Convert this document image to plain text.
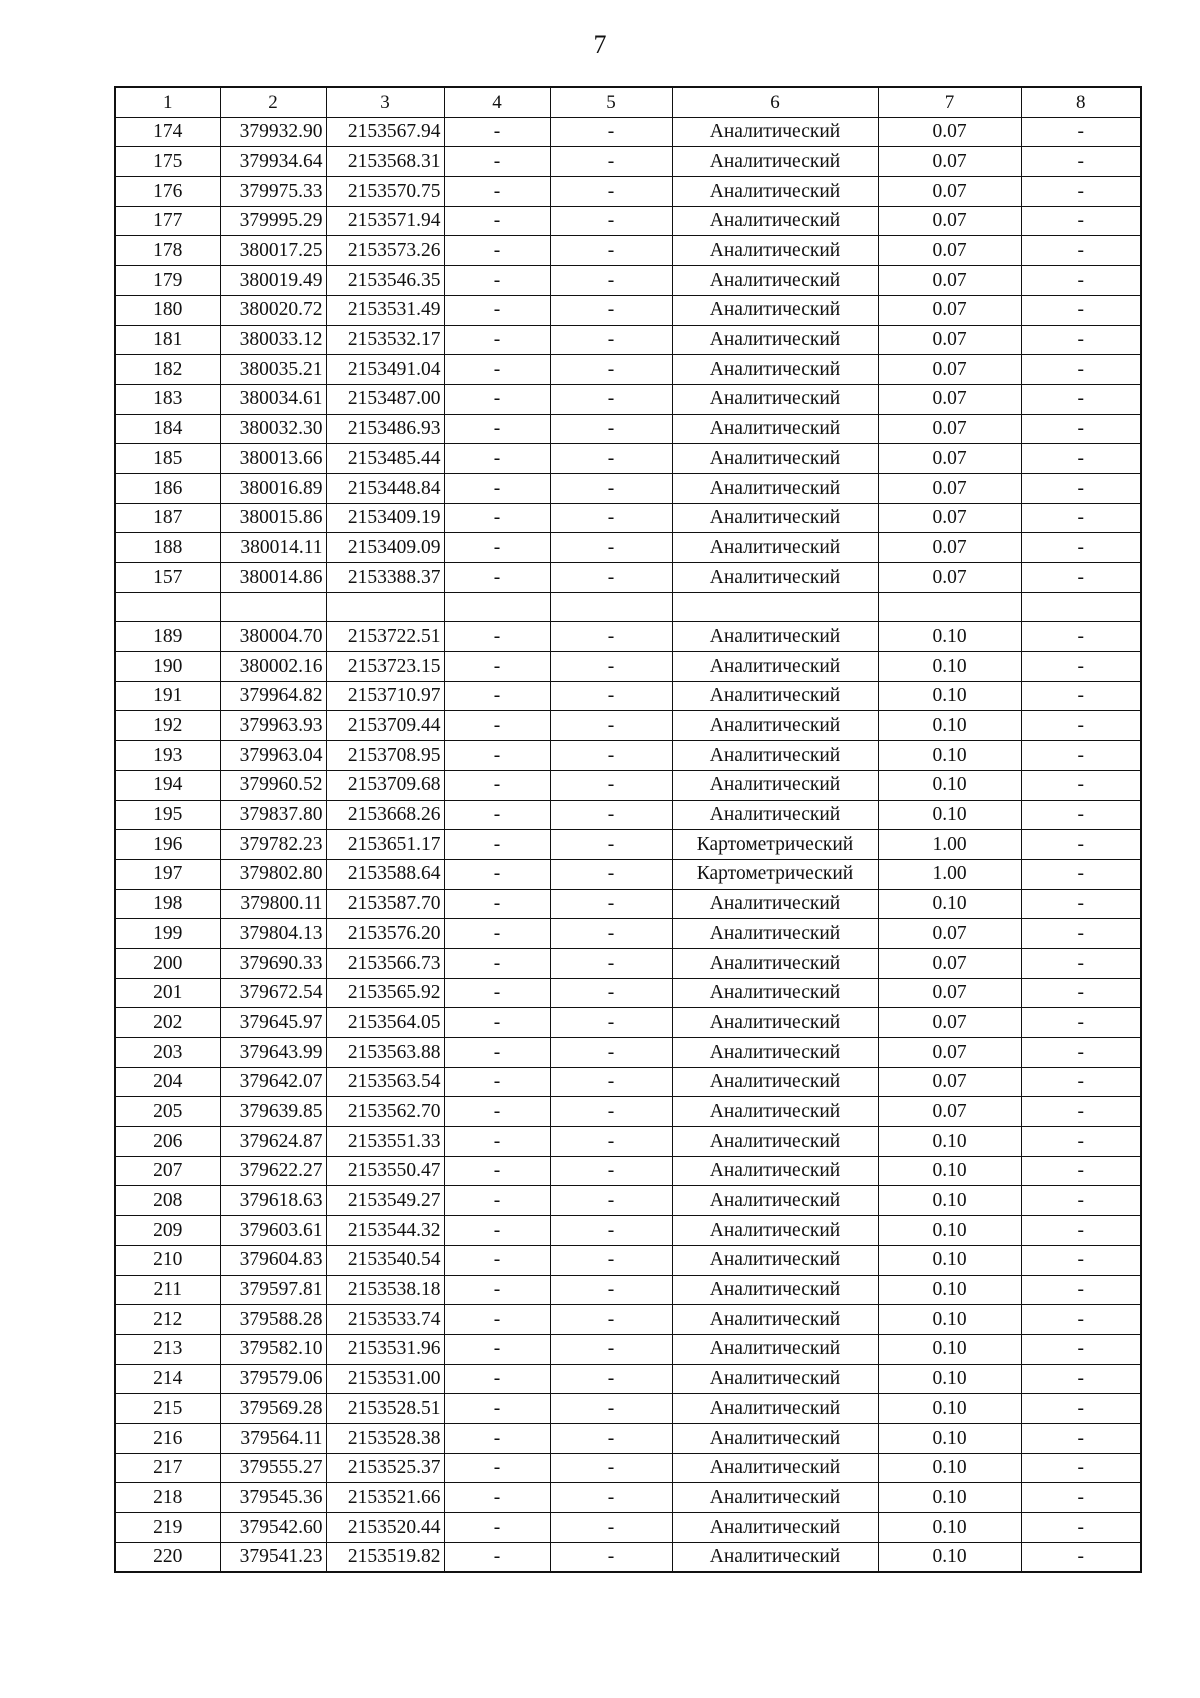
7
1	2	3	4	5	6	7	8
174	379932.90	2153567.94	-	-	Аналитический	0.07	-
175	379934.64	2153568.31	-	-	Аналитический	0.07	-
176	379975.33	2153570.75	-	-	Аналитический	0.07	-
177	379995.29	2153571.94	-	-	Аналитический	0.07	-
178	380017.25	2153573.26	-	-	Аналитический	0.07	-
179	380019.49	2153546.35	-	-	Аналитический	0.07	-
180	380020.72	2153531.49	-	-	Аналитический	0.07	-
181	380033.12	2153532.17	-	-	Аналитический	0.07	-
182	380035.21	2153491.04	-	-	Аналитический	0.07	-
183	380034.61	2153487.00	-	-	Аналитический	0.07	-
184	380032.30	2153486.93	-	-	Аналитический	0.07	-
185	380013.66	2153485.44	-	-	Аналитический	0.07	-
186	380016.89	2153448.84	-	-	Аналитический	0.07	-
187	380015.86	2153409.19	-	-	Аналитический	0.07	-
188	380014.11	2153409.09	-	-	Аналитический	0.07	-
157	380014.86	2153388.37	-	-	Аналитический	0.07	-

189	380004.70	2153722.51	-	-	Аналитический	0.10	-
190	380002.16	2153723.15	-	-	Аналитический	0.10	-
191	379964.82	2153710.97	-	-	Аналитический	0.10	-
192	379963.93	2153709.44	-	-	Аналитический	0.10	-
193	379963.04	2153708.95	-	-	Аналитический	0.10	-
194	379960.52	2153709.68	-	-	Аналитический	0.10	-
195	379837.80	2153668.26	-	-	Аналитический	0.10	-
196	379782.23	2153651.17	-	-	Картометрический	1.00	-
197	379802.80	2153588.64	-	-	Картометрический	1.00	-
198	379800.11	2153587.70	-	-	Аналитический	0.10	-
199	379804.13	2153576.20	-	-	Аналитический	0.07	-
200	379690.33	2153566.73	-	-	Аналитический	0.07	-
201	379672.54	2153565.92	-	-	Аналитический	0.07	-
202	379645.97	2153564.05	-	-	Аналитический	0.07	-
203	379643.99	2153563.88	-	-	Аналитический	0.07	-
204	379642.07	2153563.54	-	-	Аналитический	0.07	-
205	379639.85	2153562.70	-	-	Аналитический	0.07	-
206	379624.87	2153551.33	-	-	Аналитический	0.10	-
207	379622.27	2153550.47	-	-	Аналитический	0.10	-
208	379618.63	2153549.27	-	-	Аналитический	0.10	-
209	379603.61	2153544.32	-	-	Аналитический	0.10	-
210	379604.83	2153540.54	-	-	Аналитический	0.10	-
211	379597.81	2153538.18	-	-	Аналитический	0.10	-
212	379588.28	2153533.74	-	-	Аналитический	0.10	-
213	379582.10	2153531.96	-	-	Аналитический	0.10	-
214	379579.06	2153531.00	-	-	Аналитический	0.10	-
215	379569.28	2153528.51	-	-	Аналитический	0.10	-
216	379564.11	2153528.38	-	-	Аналитический	0.10	-
217	379555.27	2153525.37	-	-	Аналитический	0.10	-
218	379545.36	2153521.66	-	-	Аналитический	0.10	-
219	379542.60	2153520.44	-	-	Аналитический	0.10	-
220	379541.23	2153519.82	-	-	Аналитический	0.10	-
